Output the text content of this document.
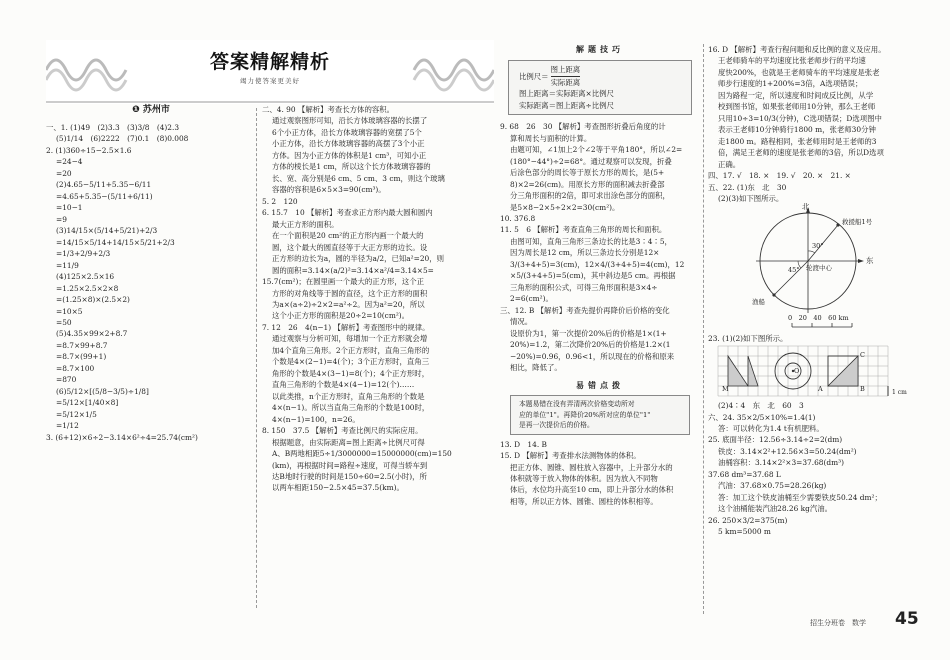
答案精解精析
竭力使答案更美好
❶ 苏州市
一、1. (1)49　(2)3.3　(3)3/8　(4)2.3
(5)1/14　(6)2222　(7)0.1　(8)0.008
2. (1)360÷15−2.5×1.6
=24−4
=20
(2)4.65−5/11+5.35−6/11
=4.65+5.35−(5/11+6/11)
=10−1
=9
(3)14/15×(5/14+5/21)+2/3
=14/15×5/14+14/15×5/21+2/3
=1/3+2/9+2/3
=11/9
(4)125×2.5×16
=1.25×2.5×2×8
=(1.25×8)×(2.5×2)
=10×5
=50
(5)4.35×99×2+8.7
=8.7×99+8.7
=8.7×(99+1)
=8.7×100
=870
(6)5/12×[(5/8−3/5)÷1/8]
=5/12×[1/40×8]
=5/12×1/5
=1/12
3. (6+12)×6÷2−3.14×6²÷4=25.74(cm²)
二、4. 90 【解析】考查长方体的容积。
通过观察图形可知，沿长方体玻璃容器的长摆了
6个小正方体，沿长方体玻璃容器的宽摆了5个
小正方体，沿长方体玻璃容器的高摆了3个小正
方体。因为小正方体的体积是1 cm³，可知小正
方体的棱长是1 cm，所以这个长方体玻璃容器的
长、宽、高分别是6 cm、5 cm、3 cm，则这个玻璃
容器的容积是6×5×3=90(cm³)。
5. 2　120
6. 15.7　10 【解析】考查求正方形内最大圆和圆内
最大正方形的面积。
在一个面积是20 cm²的正方形内画一个最大的
圆，这个最大的圆直径等于大正方形的边长。设
正方形的边长为a，圆的半径为a/2，已知a²=20，则
圆的面积=3.14×(a/2)²=3.14×a²/4=3.14×5=
15.7(cm²)；在圆里画一个最大的正方形，这个正
方形的对角线等于圆的直径，这个正方形的面积
为a×(a÷2)÷2×2=a²÷2。因为a²=20，所以
这个小正方形的面积是20÷2=10(cm²)。
7. 12　26　4(n−1) 【解析】考查图形中的规律。
通过观察与分析可知，每增加一个正方形就会增
加4个直角三角形。2个正方形时，直角三角形的
个数是4×(2−1)=4(个)；3个正方形时，直角三
角形的个数是4×(3−1)=8(个)；4个正方形时，
直角三角形的个数是4×(4−1)=12(个)……
以此类推，n个正方形时，直角三角形的个数是
4×(n−1)。所以当直角三角形的个数是100时，
4×(n−1)=100，n=26。
8. 150　37.5 【解析】考查比例尺的实际应用。
根据题意，由实际距离=图上距离÷比例尺可得
A、B两地相距5÷1/3000000=15000000(cm)=150
(km)，再根据时间=路程÷速度，可得当轿车到
达B地时行驶的时间是150÷60=2.5(小时)，所
以两车相距150−2.5×45=37.5(km)。
解题技巧
比例尺＝
图上距离
实际距离
图上距离＝实际距离×比例尺
实际距离＝图上距离÷比例尺
9. 68　26　30 【解析】考查图形折叠后角度的计
算和周长与面积的计算。
由题可知，∠1加上2个∠2等于平角180°，所以∠2=
(180°−44°)÷2=68°。通过观察可以发现，折叠
后涂色部分的周长等于原长方形的周长，是(5+
8)×2=26(cm)。用原长方形的面积减去折叠部
分三角形面积的2倍，即可求出涂色部分的面积，
是5×8−2×5÷2×2=30(cm²)。
10. 376.8
11. 5　6 【解析】考查直角三角形的周长和面积。
由图可知，直角三角形三条边长的比是3∶4∶5，
因为周长是12 cm，所以三条边长分别是12×
3/(3+4+5)=3(cm)，12×4/(3+4+5)=4(cm)，12
×5/(3+4+5)=5(cm)，其中斜边是5 cm。再根据
三角形的面积公式，可得三角形面积是3×4÷
2=6(cm²)。
三、12. B 【解析】考查先提价再降价后价格的变化
情况。
设原价为1，第一次提价20%后的价格是1×(1+
20%)=1.2，第二次降价20%后的价格是1.2×(1
−20%)=0.96，0.96<1，所以现在的价格和原来
相比，降低了。
易错点拨
本题易错在没有弄清两次价格变动所对
应的单位"1"。再降价20%所对应的单位"1"
是再一次提价后的价格。
13. D　14. B
15. D 【解析】考查排水法测物体的体积。
把正方体、圆锥、圆柱放入容器中，上升部分水的
体积就等于放入物体的体积。因为放入不同物
体后，水位均升高至10 cm，即上升部分水的体积
相等，所以正方体、圆锥、圆柱的体积相等。
16. D 【解析】考查行程问题和反比例的意义及应用。
王老师骑车的平均速度比张老师步行的平均速
度快200%，也就是王老师骑车的平均速度是张老
师步行速度的1+200%=3倍，A选项错误；
因为路程一定，所以速度和时间成反比例，从学
校到图书馆，如果张老师用10分钟，那么王老师
只用10÷3=10/3(分钟)，C选项错误；D选项图中
表示王老师10分钟骑行1800 m，张老师30分钟
走1800 m。路程相同，张老师用时是王老师的3
倍，满足王老师的速度是张老师的3倍，所以D选项
正确。
四、17. √　18. ×　19. √　20. ×　21. ×
五、22. (1)东　北　30
(2)(3)如下图所示。
北
东
30°
45°
救援船1号
轮渡中心
渔船
0　20　40　60 km
23. (1)(2)如下图所示。
M
O
A	B
C
1 cm
(2)4∶4　东　北　60　3
六、24. 35×2/5×10%=1.4(1)
答：可以转化为1.4 t有机肥料。
25. 底面半径：12.56÷3.14÷2=2(dm)
铁皮：3.14×2²+12.56×3=50.24(dm²)
油桶容积：3.14×2²×3=37.68(dm³)
37.68 dm³=37.68 L
汽油：37.68×0.75=28.26(kg)
答：加工这个铁皮油桶至少需要铁皮50.24 dm²；
这个油桶能装汽油28.26 kg汽油。
26. 250×3/2=375(m)
5 km=5000 m
招生分班卷　数学	45
